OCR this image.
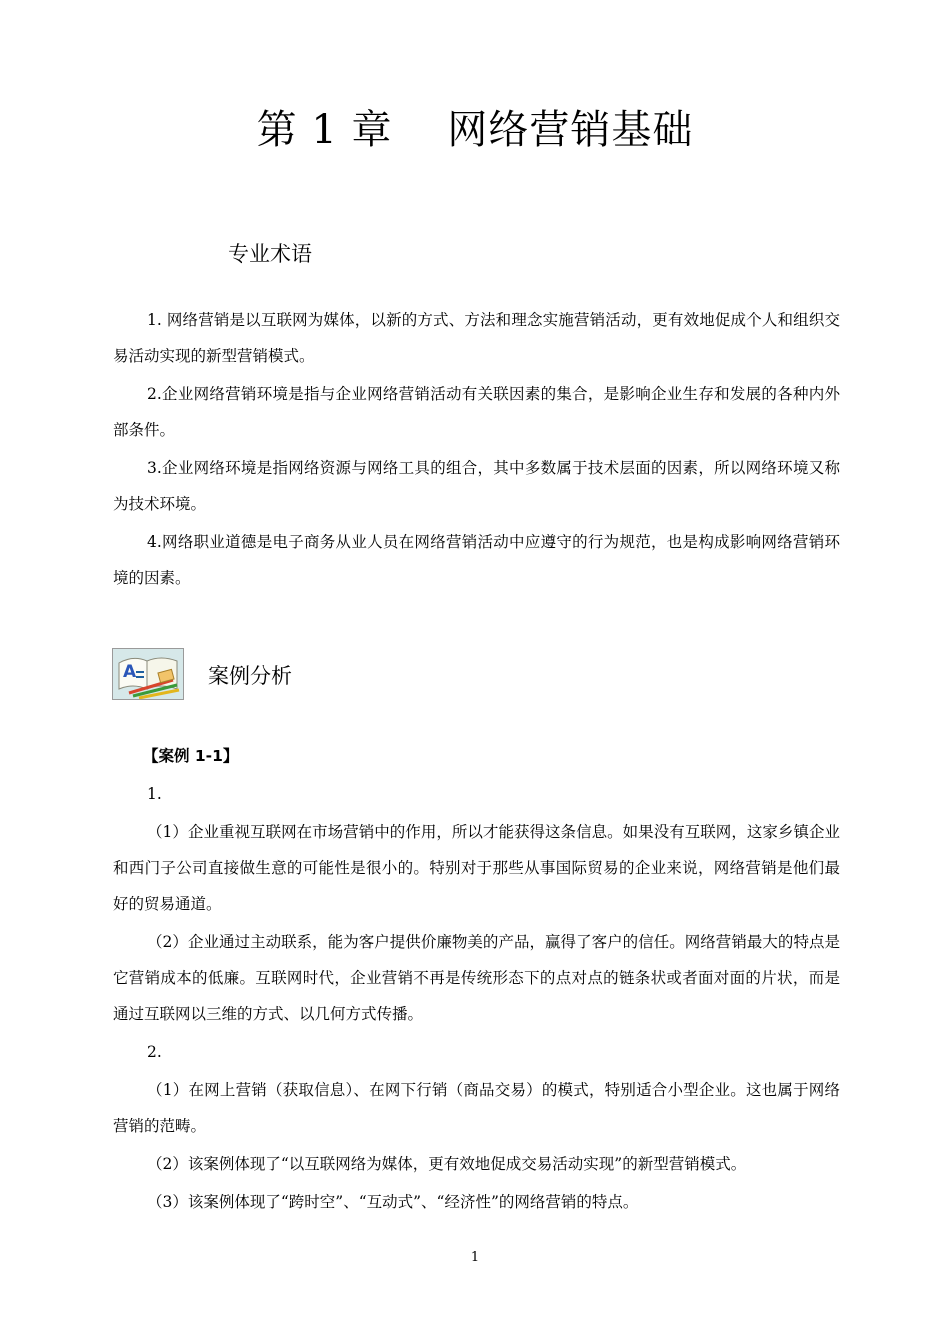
第 1 章    网络营销基础
专业术语

1. 网络营销是以互联网为媒体，以新的方式、方法和理念实施营销活动，更有效地促成个人和组织交易活动实现的新型营销模式。

2.企业网络营销环境是指与企业网络营销活动有关联因素的集合，是影响企业生存和发展的各种内外部条件。

3.企业网络环境是指网络资源与网络工具的组合，其中多数属于技术层面的因素，所以网络环境又称为技术环境。

4.网络职业道德是电子商务从业人员在网络营销活动中应遵守的行为规范，也是构成影响网络营销环境的因素。

A	案例分析

【案例 1-1】

1.

（1）企业重视互联网在市场营销中的作用，所以才能获得这条信息。如果没有互联网，这家乡镇企业和西门子公司直接做生意的可能性是很小的。特别对于那些从事国际贸易的企业来说，网络营销是他们最好的贸易通道。

（2）企业通过主动联系，能为客户提供价廉物美的产品，赢得了客户的信任。网络营销最大的特点是它营销成本的低廉。互联网时代，企业营销不再是传统形态下的点对点的链条状或者面对面的片状，而是通过互联网以三维的方式、以几何方式传播。

2.

（1）在网上营销（获取信息）、在网下行销（商品交易）的模式，特别适合小型企业。这也属于网络营销的范畴。

（2）该案例体现了“以互联网络为媒体，更有效地促成交易活动实现”的新型营销模式。

（3）该案例体现了“跨时空”、“互动式”、“经济性”的网络营销的特点。

1
